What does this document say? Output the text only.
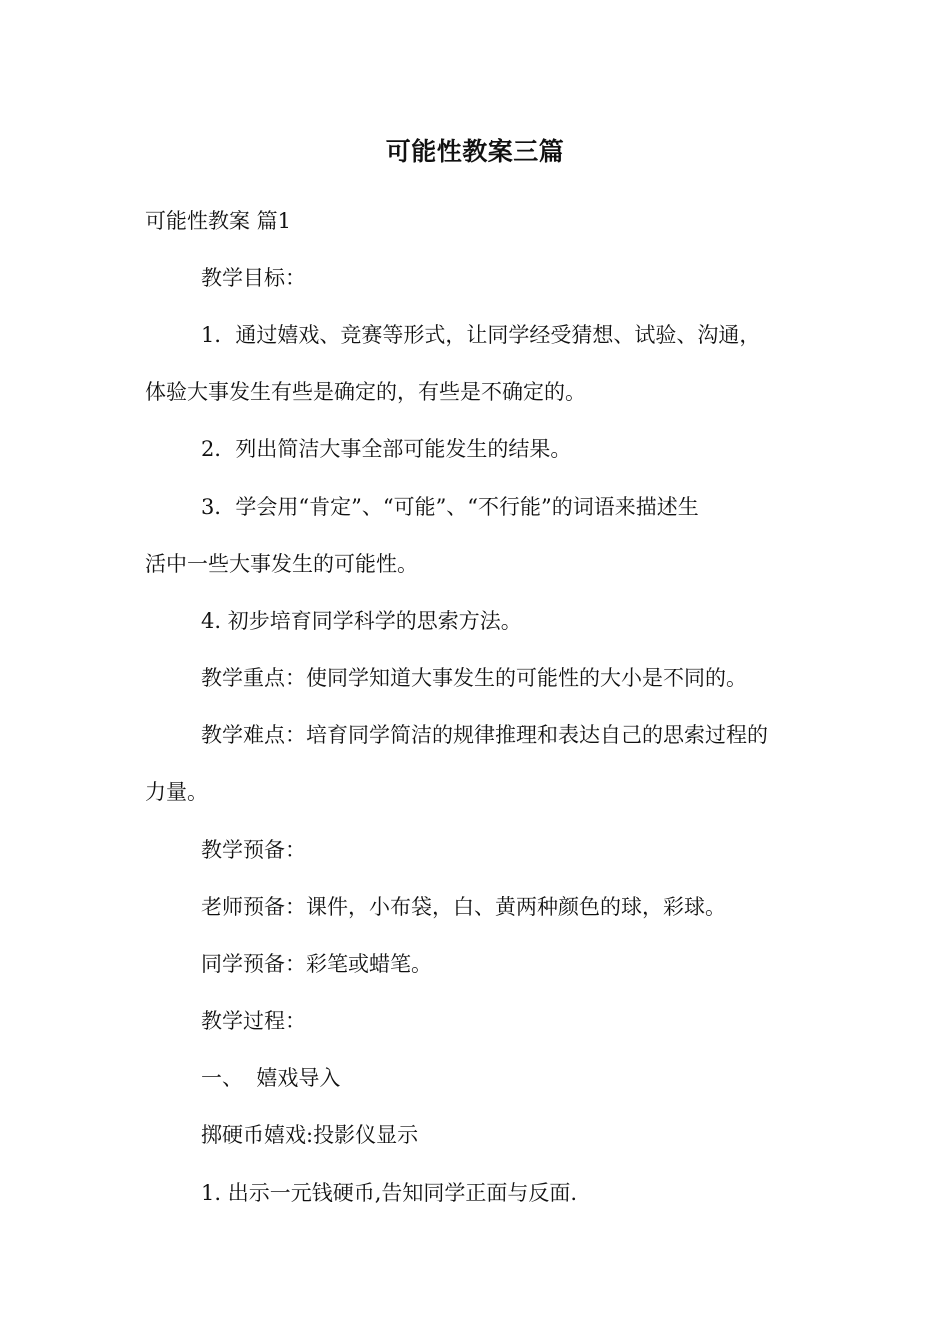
可能性教案三篇
可能性教案 篇1
教学目标：
1．通过嬉戏、竞赛等形式，让同学经受猜想、试验、沟通，
体验大事发生有些是确定的，有些是不确定的。
2．列出简洁大事全部可能发生的结果。
3．学会用“肯定”、“可能”、“不行能”的词语来描述生
活中一些大事发生的可能性。
4. 初步培育同学科学的思索方法。
教学重点：使同学知道大事发生的可能性的大小是不同的。
教学难点：培育同学简洁的规律推理和表达自己的思索过程的
力量。
教学预备：
老师预备：课件，小布袋，白、黄两种颜色的球，彩球。
同学预备：彩笔或蜡笔。
教学过程：
一、  嬉戏导入
掷硬币嬉戏:投影仪显示
1. 出示一元钱硬币,告知同学正面与反面.
